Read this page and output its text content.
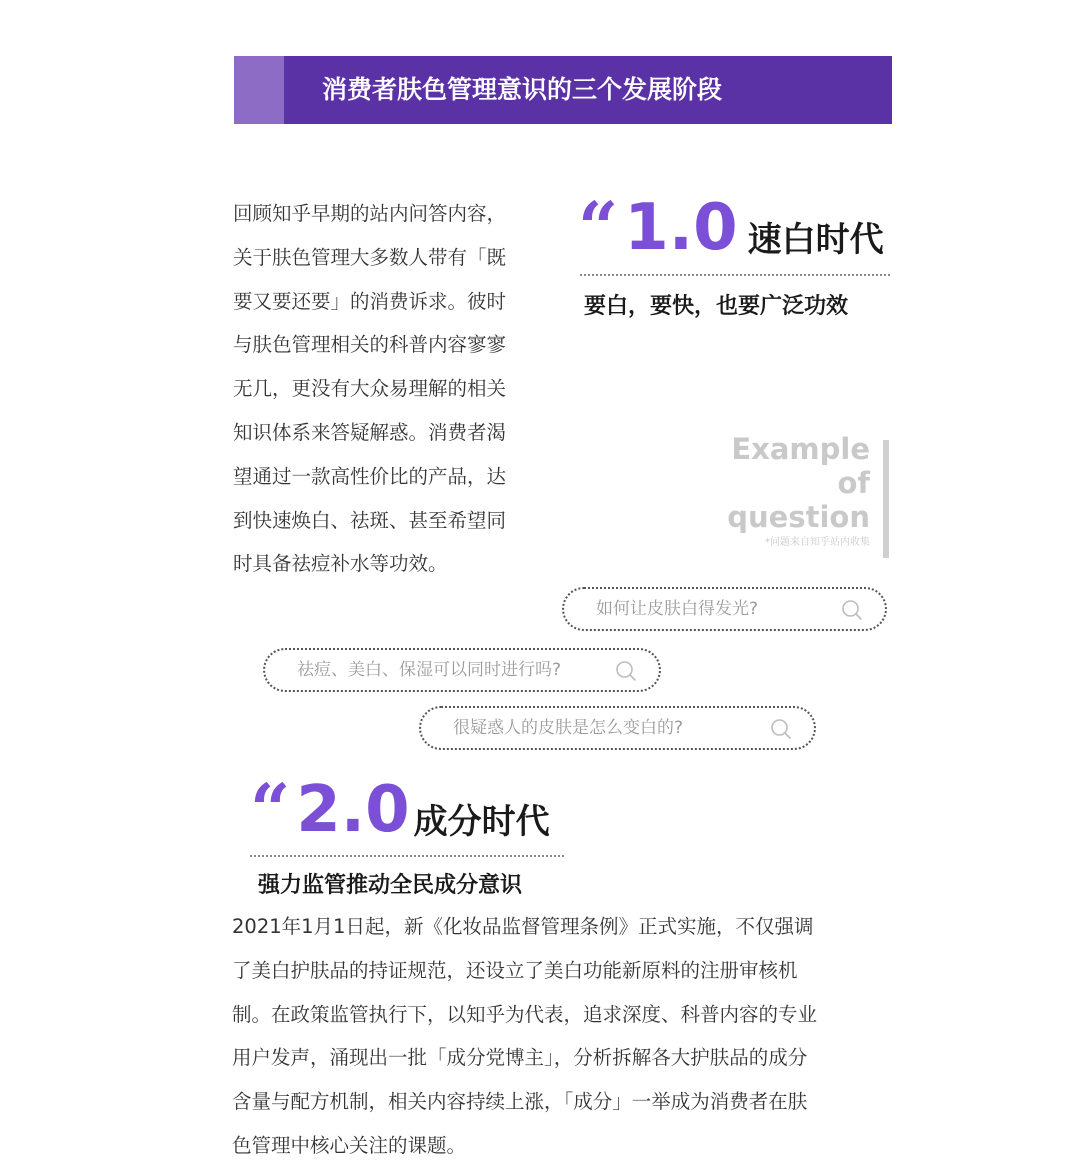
消费者肤色管理意识的三个发展阶段

回顾知乎早期的站内问答内容，

关于肤色管理大多数人带有「既

要又要还要」的消费诉求。彼时

与肤色管理相关的科普内容寥寥

无几，更没有大众易理解的相关

知识体系来答疑解惑。消费者渴

望通过一款高性价比的产品，达

到快速焕白、祛斑、甚至希望同

时具备祛痘补水等功效。

“1.0 速白时代
要白，要快，也要广泛功效
Example
of
question
*问题来自知乎站内收集
如何让皮肤白得发光?
祛痘、美白、保湿可以同时进行吗?
很疑惑人的皮肤是怎么变白的?
“2.0 成分时代
强力监管推动全民成分意识

2021年1月1日起，新《化妆品监督管理条例》正式实施，不仅强调

了美白护肤品的持证规范，还设立了美白功能新原料的注册审核机

制。在政策监管执行下，以知乎为代表，追求深度、科普内容的专业

用户发声，涌现出一批「成分党博主」，分析拆解各大护肤品的成分

含量与配方机制，相关内容持续上涨，「成分」一举成为消费者在肤

色管理中核心关注的课题。
